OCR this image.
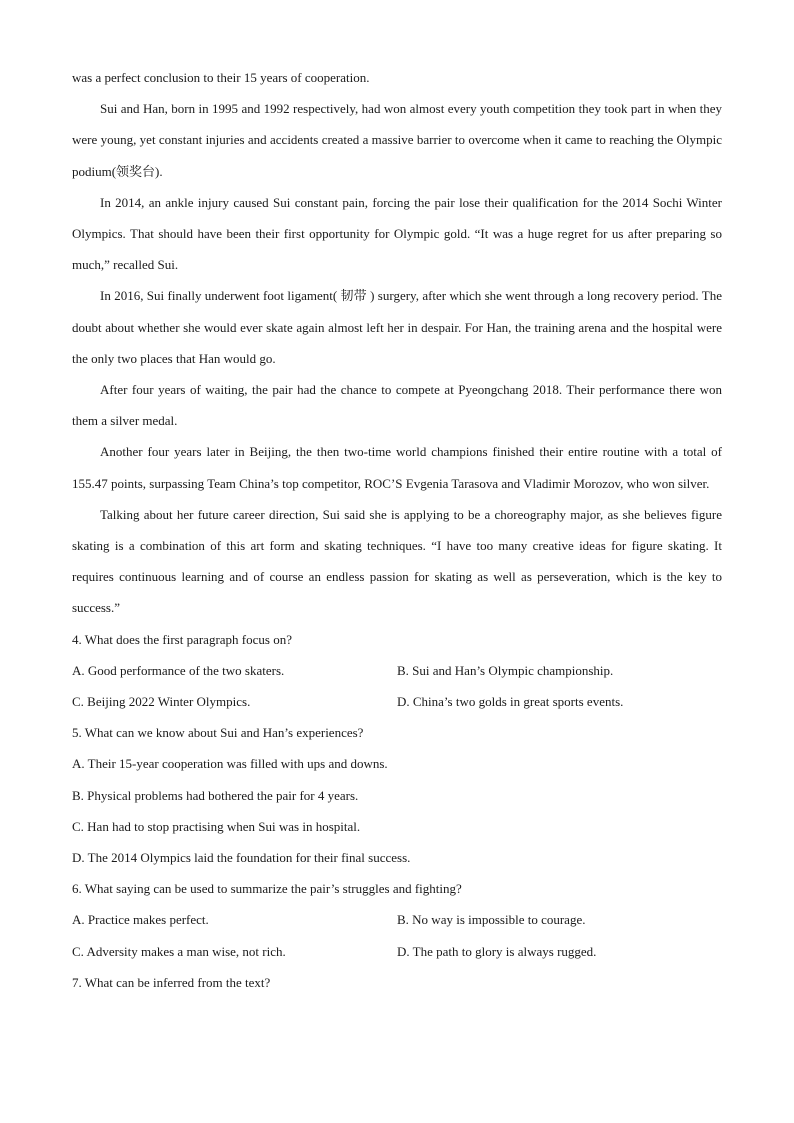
was a perfect conclusion to their 15 years of cooperation.

Sui and Han, born in 1995 and 1992 respectively, had won almost every youth competition they took part in when they were young, yet constant injuries and accidents created a massive barrier to overcome when it came to reaching the Olympic podium(领奖台).

In 2014, an ankle injury caused Sui constant pain, forcing the pair lose their qualification for the 2014 Sochi Winter Olympics. That should have been their first opportunity for Olympic gold. “It was a huge regret for us after preparing so much,” recalled Sui.

In 2016, Sui finally underwent foot ligament( 韧带 ) surgery, after which she went through a long recovery period. The doubt about whether she would ever skate again almost left her in despair. For Han, the training arena and the hospital were the only two places that Han would go.

After four years of waiting, the pair had the chance to compete at Pyeongchang 2018. Their performance there won them a silver medal.

Another four years later in Beijing, the then two-time world champions finished their entire routine with a total of 155.47 points, surpassing Team China’s top competitor, ROC’S Evgenia Tarasova and Vladimir Morozov, who won silver.

Talking about her future career direction, Sui said she is applying to be a choreography major, as she believes figure skating is a combination of this art form and skating techniques. “I have too many creative ideas for figure skating. It requires continuous learning and of course an endless passion for skating as well as perseveration, which is the key to success.”

4. What does the first paragraph focus on?

A. Good performance of the two skaters.	B. Sui and Han’s Olympic championship.
C. Beijing 2022 Winter Olympics.	D. China’s two golds in great sports events.

5. What can we know about Sui and Han’s experiences?

A. Their 15-year cooperation was filled with ups and downs.
B. Physical problems had bothered the pair for 4 years.
C. Han had to stop practising when Sui was in hospital.
D. The 2014 Olympics laid the foundation for their final success.

6. What saying can be used to summarize the pair’s struggles and fighting?

A. Practice makes perfect.	B. No way is impossible to courage.
C. Adversity makes a man wise, not rich.	D. The path to glory is always rugged.

7. What can be inferred from the text?
